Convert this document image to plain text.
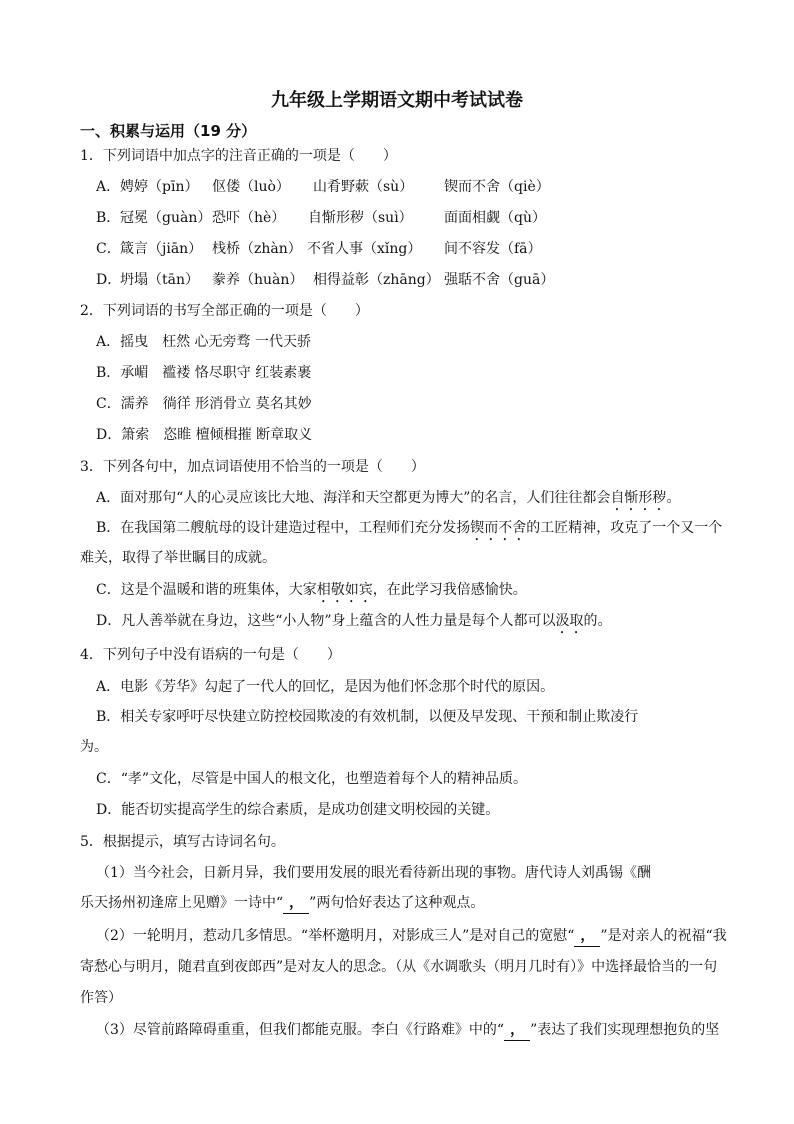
九年级上学期语文期中考试试卷
一、积累与运用（19 分）
1．下列词语中加点字的注音正确的一项是（　　）
A． 娉婷（pīn） 伛偻（luò） 山肴野蔌（sù） 锲而不舍（qiè）
B． 冠冕（guàn） 恐吓（hè） 自惭形秽（suì） 面面相觑（qù）
C． 箴言（jiān） 栈桥（zhàn） 不省人事（xǐng） 间不容发（fā）
D．
坍塌（tān） 豢养（huàn） 相得益彰（zhāng） 强聒不舍（guā）
2．下列词语的书写全部正确的一项是（　　）
A．摇曳　枉然 心无旁骛 一代天骄
B．承嵋　褴褛 恪尽职守 红装素裹
C．濡养　徜徉 形消骨立 莫名其妙
D．箫索　恣睢 檀倾楫摧 断章取义
3．下列各句中，加点词语使用不恰当的一项是（　　）
A．面对那句“人的心灵应该比大地、海洋和天空都更为博大”的名言，人们往往都会自惭形秽。
B．在我国第二艘航母的设计建造过程中，工程师们充分发扬锲而不舍的工匠精神，攻克了一个又一个
难关，取得了举世瞩目的成就。
C．这是个温暖和谐的班集体，大家相敬如宾，在此学习我倍感愉快。
D．凡人善举就在身边，这些“小人物”身上蕴含的人性力量是每个人都可以汲取的。
4．下列句子中没有语病的一句是（　　）
A．电影《芳华》勾起了一代人的回忆，是因为他们怀念那个时代的原因。
B．相关专家呼吁尽快建立防控校园欺凌的有效机制，以便及早发现、干预和制止欺凌行
为。
C．“孝”文化，尽管是中国人的根文化，也塑造着每个人的精神品质。
D．能否切实提高学生的综合素质，是成功创建文明校园的关键。
5．根据提示，填写古诗词名句。
（1）当今社会，日新月异，我们要用发展的眼光看待新出现的事物。唐代诗人刘禹锡《酬
乐天扬州初逢席上见赠》一诗中“ ， ”两句恰好表达了这种观点。
（2）一轮明月，惹动几多情思。“举杯邀明月，对影成三人”是对自己的宽慰“ ， ”是对亲人的祝福“我
寄愁心与明月，随君直到夜郎西”是对友人的思念。（从《水调歌头（明月几时有）》中选择最恰当的一句
作答）
（3）尽管前路障碍重重，但我们都能克服。李白《行路难》中的“ ， ”表达了我们实现理想抱负的坚
